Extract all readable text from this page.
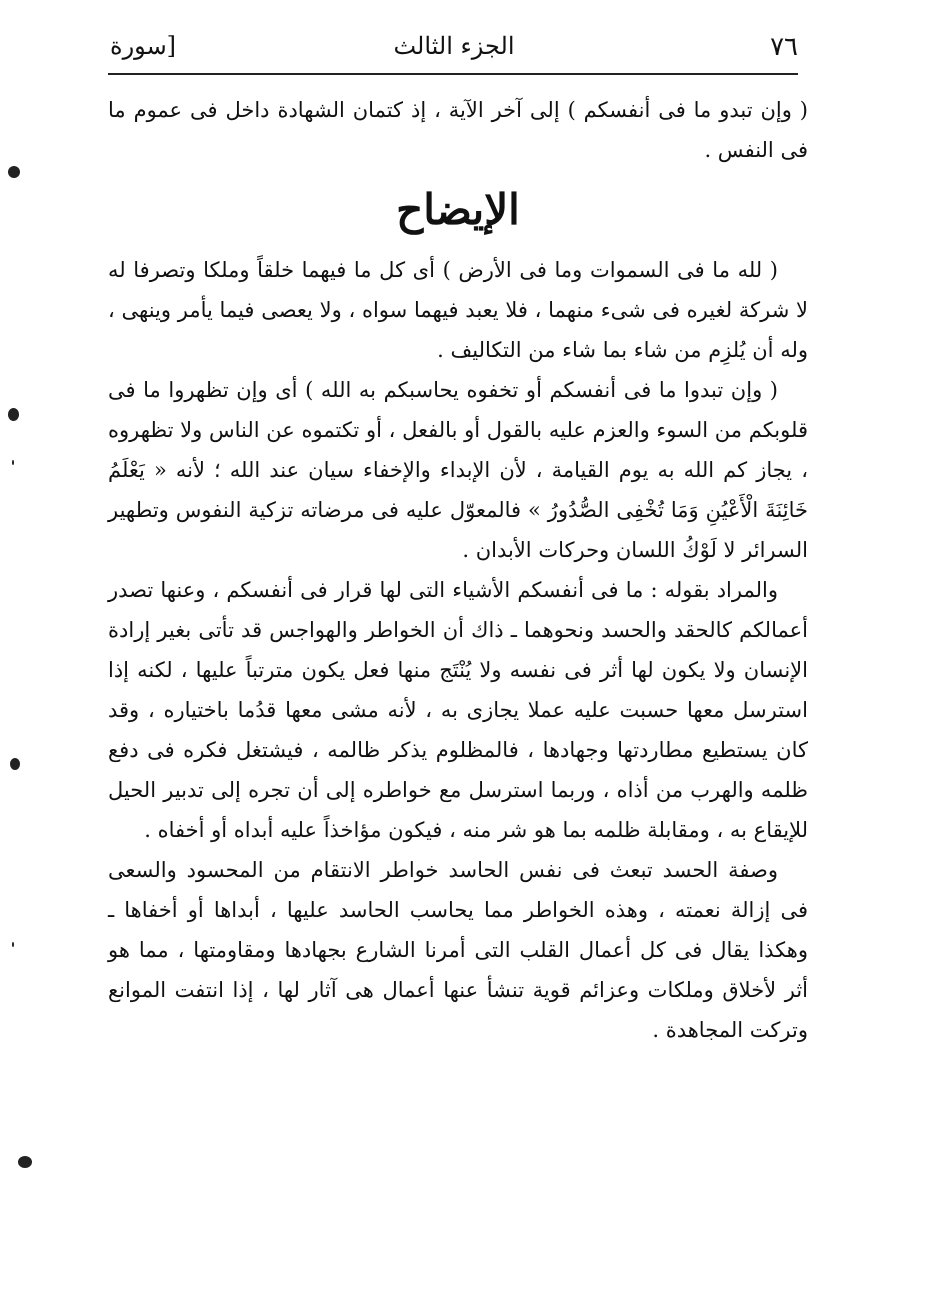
٧٦
الجزء الثالث
[سورة

( وإن تبدو ما فى أنفسكم ) إلى آخر الآية ، إذ كتمان الشهادة داخل فى عموم ما فى النفس .

الإيضاح

( لله ما فى السموات وما فى الأرض ) أى كل ما فيهما خلقاً وملكا وتصرفا له لا شركة لغيره فى شىء منهما ، فلا يعبد فيهما سواه ، ولا يعصى فيما يأمر وينهى ، وله أن يُلزِم من شاء بما شاء من التكاليف .

( وإن تبدوا ما فى أنفسكم أو تخفوه يحاسبكم به الله ) أى وإن تظهروا ما فى قلوبكم من السوء والعزم عليه بالقول أو بالفعل ، أو تكتموه عن الناس ولا تظهروه ، يجاز كم الله به يوم القيامة ، لأن الإبداء والإخفاء سيان عند الله ؛ لأنه « يَعْلَمُ خَائِنَةَ الْأَعْيُنِ وَمَا تُخْفِى الصُّدُورُ » فالمعوّل عليه فى مرضاته تزكية النفوس وتطهير السرائر لا لَوْكُ اللسان وحركات الأبدان .

والمراد بقوله : ما فى أنفسكم الأشياء التى لها قرار فى أنفسكم ، وعنها تصدر أعمالكم كالحقد والحسد ونحوهما ـ ذاك أن الخواطر والهواجس قد تأتى بغير إرادة الإنسان ولا يكون لها أثر فى نفسه ولا يُنْتَج منها فعل يكون مترتباً عليها ، لكنه إذا استرسل معها حسبت عليه عملا يجازى به ، لأنه مشى معها قدُما باختياره ، وقد كان يستطيع مطاردتها وجهادها ، فالمظلوم يذكر ظالمه ، فيشتغل فكره فى دفع ظلمه والهرب من أذاه ، وربما استرسل مع خواطره إلى أن تجره إلى تدبير الحيل للإيقاع به ، ومقابلة ظلمه بما هو شر منه ، فيكون مؤاخذاً عليه أبداه أو أخفاه .

وصفة الحسد تبعث فى نفس الحاسد خواطر الانتقام من المحسود والسعى فى إزالة نعمته ، وهذه الخواطر مما يحاسب الحاسد عليها ، أبداها أو أخفاها ـ وهكذا يقال فى كل أعمال القلب التى أمرنا الشارع بجهادها ومقاومتها ، مما هو أثر لأخلاق وملكات وعزائم قوية تنشأ عنها أعمال هى آثار لها ، إذا انتفت الموانع وتركت المجاهدة .
